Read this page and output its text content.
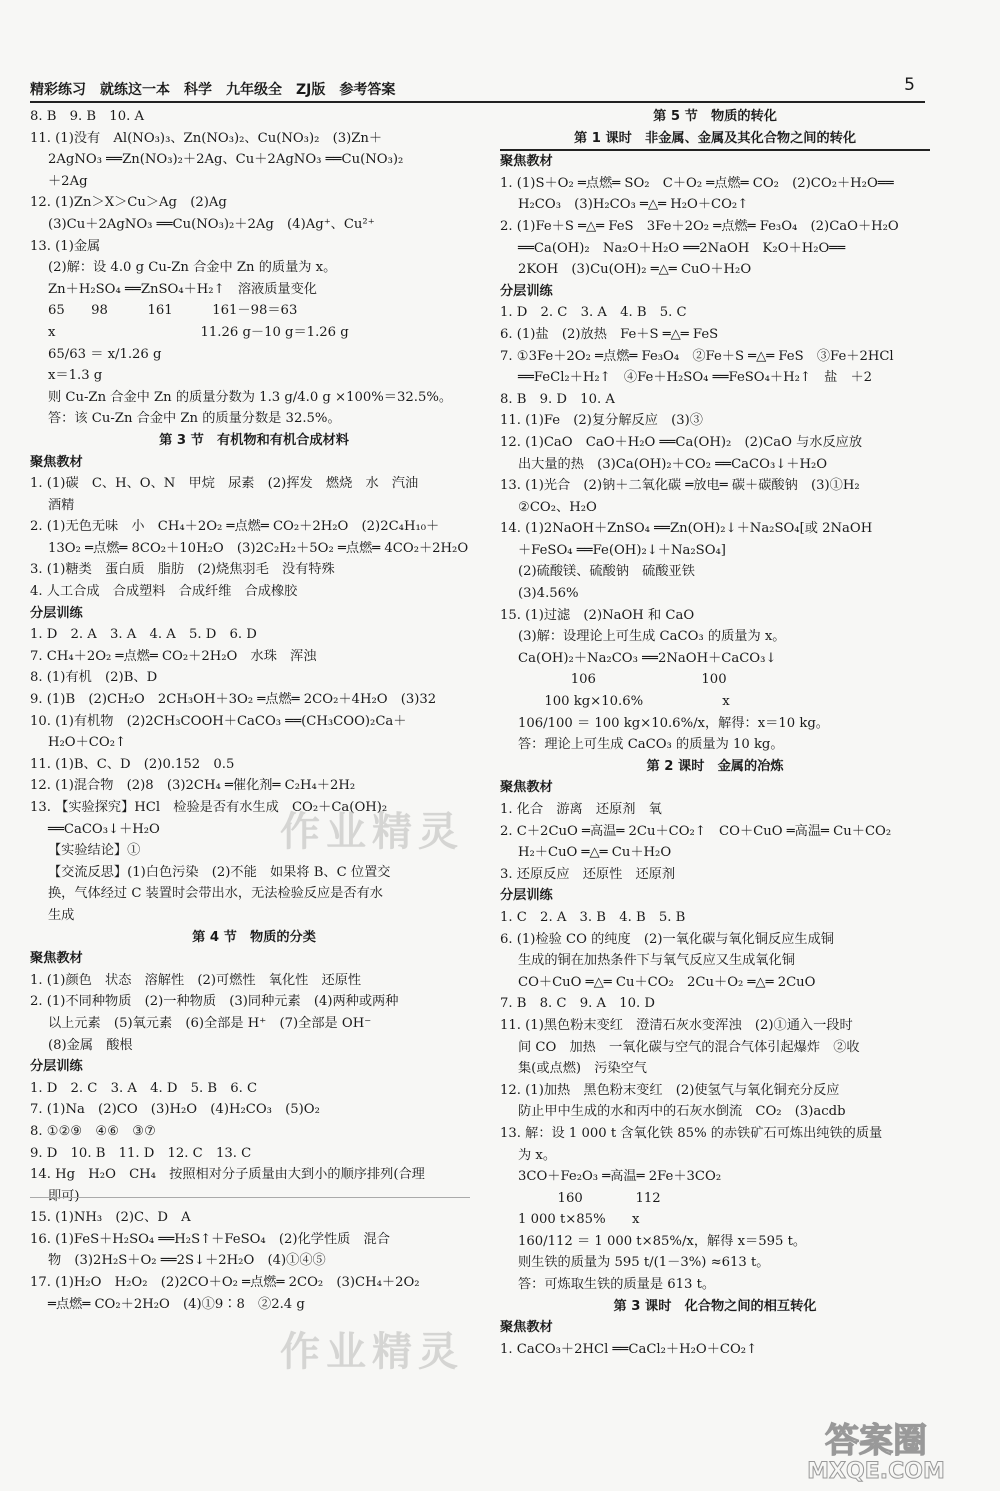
精彩练习　就练这一本　科学　九年级全　ZJ版　参考答案	5
8. B　9. B　10. A
11. (1)没有　Al(NO₃)₃、Zn(NO₃)₂、Cu(NO₃)₂　(3)Zn＋
2AgNO₃ ══Zn(NO₃)₂＋2Ag、Cu＋2AgNO₃ ══Cu(NO₃)₂
＋2Ag
12. (1)Zn＞X＞Cu＞Ag　(2)Ag
(3)Cu＋2AgNO₃ ══Cu(NO₃)₂＋2Ag　(4)Ag⁺、Cu²⁺
13. (1)金属
(2)解：设 4.0 g Cu-Zn 合金中 Zn 的质量为 x。
Zn＋H₂SO₄ ══ZnSO₄＋H₂↑　溶液质量变化
65　　98　　　161　　　161－98＝63
x　　　　　　　　　　　11.26 g－10 g＝1.26 g
65/63 ＝ x/1.26 g
x＝1.3 g
则 Cu-Zn 合金中 Zn 的质量分数为 1.3 g/4.0 g ×100%＝32.5%。
答：该 Cu-Zn 合金中 Zn 的质量分数是 32.5%。
第 3 节　有机物和有机合成材料
聚焦教材
1. (1)碳　C、H、O、N　甲烷　尿素　(2)挥发　燃烧　水　汽油
酒精
2. (1)无色无味　小　CH₄＋2O₂ ═点燃═ CO₂＋2H₂O　(2)2C₄H₁₀＋
13O₂ ═点燃═ 8CO₂＋10H₂O　(3)2C₂H₂＋5O₂ ═点燃═ 4CO₂＋2H₂O
3. (1)糖类　蛋白质　脂肪　(2)烧焦羽毛　没有特殊
4. 人工合成　合成塑料　合成纤维　合成橡胶
分层训练
1. D　2. A　3. A　4. A　5. D　6. D
7. CH₄＋2O₂ ═点燃═ CO₂＋2H₂O　水珠　浑浊
8. (1)有机　(2)B、D
9. (1)B　(2)CH₂O　2CH₃OH＋3O₂ ═点燃═ 2CO₂＋4H₂O　(3)32
10. (1)有机物　(2)2CH₃COOH＋CaCO₃ ══(CH₃COO)₂Ca＋
H₂O＋CO₂↑
11. (1)B、C、D　(2)0.152　0.5
12. (1)混合物　(2)8　(3)2CH₄ ═催化剂═ C₂H₄＋2H₂
13. 【实验探究】HCl　检验是否有水生成　CO₂＋Ca(OH)₂
══CaCO₃↓＋H₂O
【实验结论】①
【交流反思】(1)白色污染　(2)不能　如果将 B、C 位置交
换，气体经过 C 装置时会带出水，无法检验反应是否有水
生成
第 4 节　物质的分类
聚焦教材
1. (1)颜色　状态　溶解性　(2)可燃性　氧化性　还原性
2. (1)不同种物质　(2)一种物质　(3)同种元素　(4)两种或两种
以上元素　(5)氧元素　(6)全部是 H⁺　(7)全部是 OH⁻
(8)金属　酸根
分层训练
1. D　2. C　3. A　4. D　5. B　6. C
7. (1)Na　(2)CO　(3)H₂O　(4)H₂CO₃　(5)O₂
8. ①②⑨　④⑥　③⑦
9. D　10. B　11. D　12. C　13. C
14. Hg　H₂O　CH₄　按照相对分子质量由大到小的顺序排列(合理
即可)
15. (1)NH₃　(2)C、D　A
16. (1)FeS＋H₂SO₄ ══H₂S↑＋FeSO₄　(2)化学性质　混合
物　(3)2H₂S＋O₂ ══2S↓＋2H₂O　(4)①④⑤
17. (1)H₂O　H₂O₂　(2)2CO＋O₂ ═点燃═ 2CO₂　(3)CH₄＋2O₂
═点燃═ CO₂＋2H₂O　(4)①9∶8　②2.4 g
第 5 节　物质的转化
第 1 课时　非金属、金属及其化合物之间的转化
聚焦教材
1. (1)S＋O₂ ═点燃═ SO₂　C＋O₂ ═点燃═ CO₂　(2)CO₂＋H₂O══
H₂CO₃　(3)H₂CO₃ ═△═ H₂O＋CO₂↑
2. (1)Fe＋S ═△═ FeS　3Fe＋2O₂ ═点燃═ Fe₃O₄　(2)CaO＋H₂O
══Ca(OH)₂　Na₂O＋H₂O ══2NaOH　K₂O＋H₂O══
2KOH　(3)Cu(OH)₂ ═△═ CuO＋H₂O
分层训练
1. D　2. C　3. A　4. B　5. C
6. (1)盐　(2)放热　Fe＋S ═△═ FeS
7. ①3Fe＋2O₂ ═点燃═ Fe₃O₄　②Fe＋S ═△═ FeS　③Fe＋2HCl
══FeCl₂＋H₂↑　④Fe＋H₂SO₄ ══FeSO₄＋H₂↑　盐　＋2
8. B　9. D　10. A
11. (1)Fe　(2)复分解反应　(3)③
12. (1)CaO　CaO＋H₂O ══Ca(OH)₂　(2)CaO 与水反应放
出大量的热　(3)Ca(OH)₂＋CO₂ ══CaCO₃↓＋H₂O
13. (1)光合　(2)钠＋二氧化碳 ═放电═ 碳＋碳酸钠　(3)①H₂
②CO₂、H₂O
14. (1)2NaOH＋ZnSO₄ ══Zn(OH)₂↓＋Na₂SO₄[或 2NaOH
＋FeSO₄ ══Fe(OH)₂↓＋Na₂SO₄]
(2)硫酸镁、硫酸钠　硫酸亚铁
(3)4.56%
15. (1)过滤　(2)NaOH 和 CaO
(3)解：设理论上可生成 CaCO₃ 的质量为 x。
Ca(OH)₂＋Na₂CO₃ ══2NaOH＋CaCO₃↓
　　　　106　　　　　　　　100
　　100 kg×10.6%　　　　　　x
106/100 ＝ 100 kg×10.6%/x，解得：x＝10 kg。
答：理论上可生成 CaCO₃ 的质量为 10 kg。
第 2 课时　金属的冶炼
聚焦教材
1. 化合　游离　还原剂　氧
2. C＋2CuO ═高温═ 2Cu＋CO₂↑　CO＋CuO ═高温═ Cu＋CO₂
H₂＋CuO ═△═ Cu＋H₂O
3. 还原反应　还原性　还原剂
分层训练
1. C　2. A　3. B　4. B　5. B
6. (1)检验 CO 的纯度　(2)一氧化碳与氧化铜反应生成铜
生成的铜在加热条件下与氧气反应又生成氧化铜
CO＋CuO ═△═ Cu＋CO₂　2Cu＋O₂ ═△═ 2CuO
7. B　8. C　9. A　10. D
11. (1)黑色粉末变红　澄清石灰水变浑浊　(2)①通入一段时
间 CO　加热　一氧化碳与空气的混合气体引起爆炸　②收
集(或点燃)　污染空气
12. (1)加热　黑色粉末变红　(2)使氢气与氧化铜充分反应
防止甲中生成的水和丙中的石灰水倒流　CO₂　(3)acdb
13. 解：设 1 000 t 含氧化铁 85% 的赤铁矿石可炼出纯铁的质量
为 x。
3CO＋Fe₂O₃ ═高温═ 2Fe＋3CO₂
　　　160　　　　112
1 000 t×85%　　x
160/112 ＝ 1 000 t×85%/x，解得 x＝595 t。
则生铁的质量为 595 t/(1－3%) ≈613 t。
答：可炼取生铁的质量是 613 t。
第 3 课时　化合物之间的相互转化
聚焦教材
1. CaCO₃＋2HCl ══CaCl₂＋H₂O＋CO₂↑
作业精灵
作业精灵
答案圈
MXQE.COM
